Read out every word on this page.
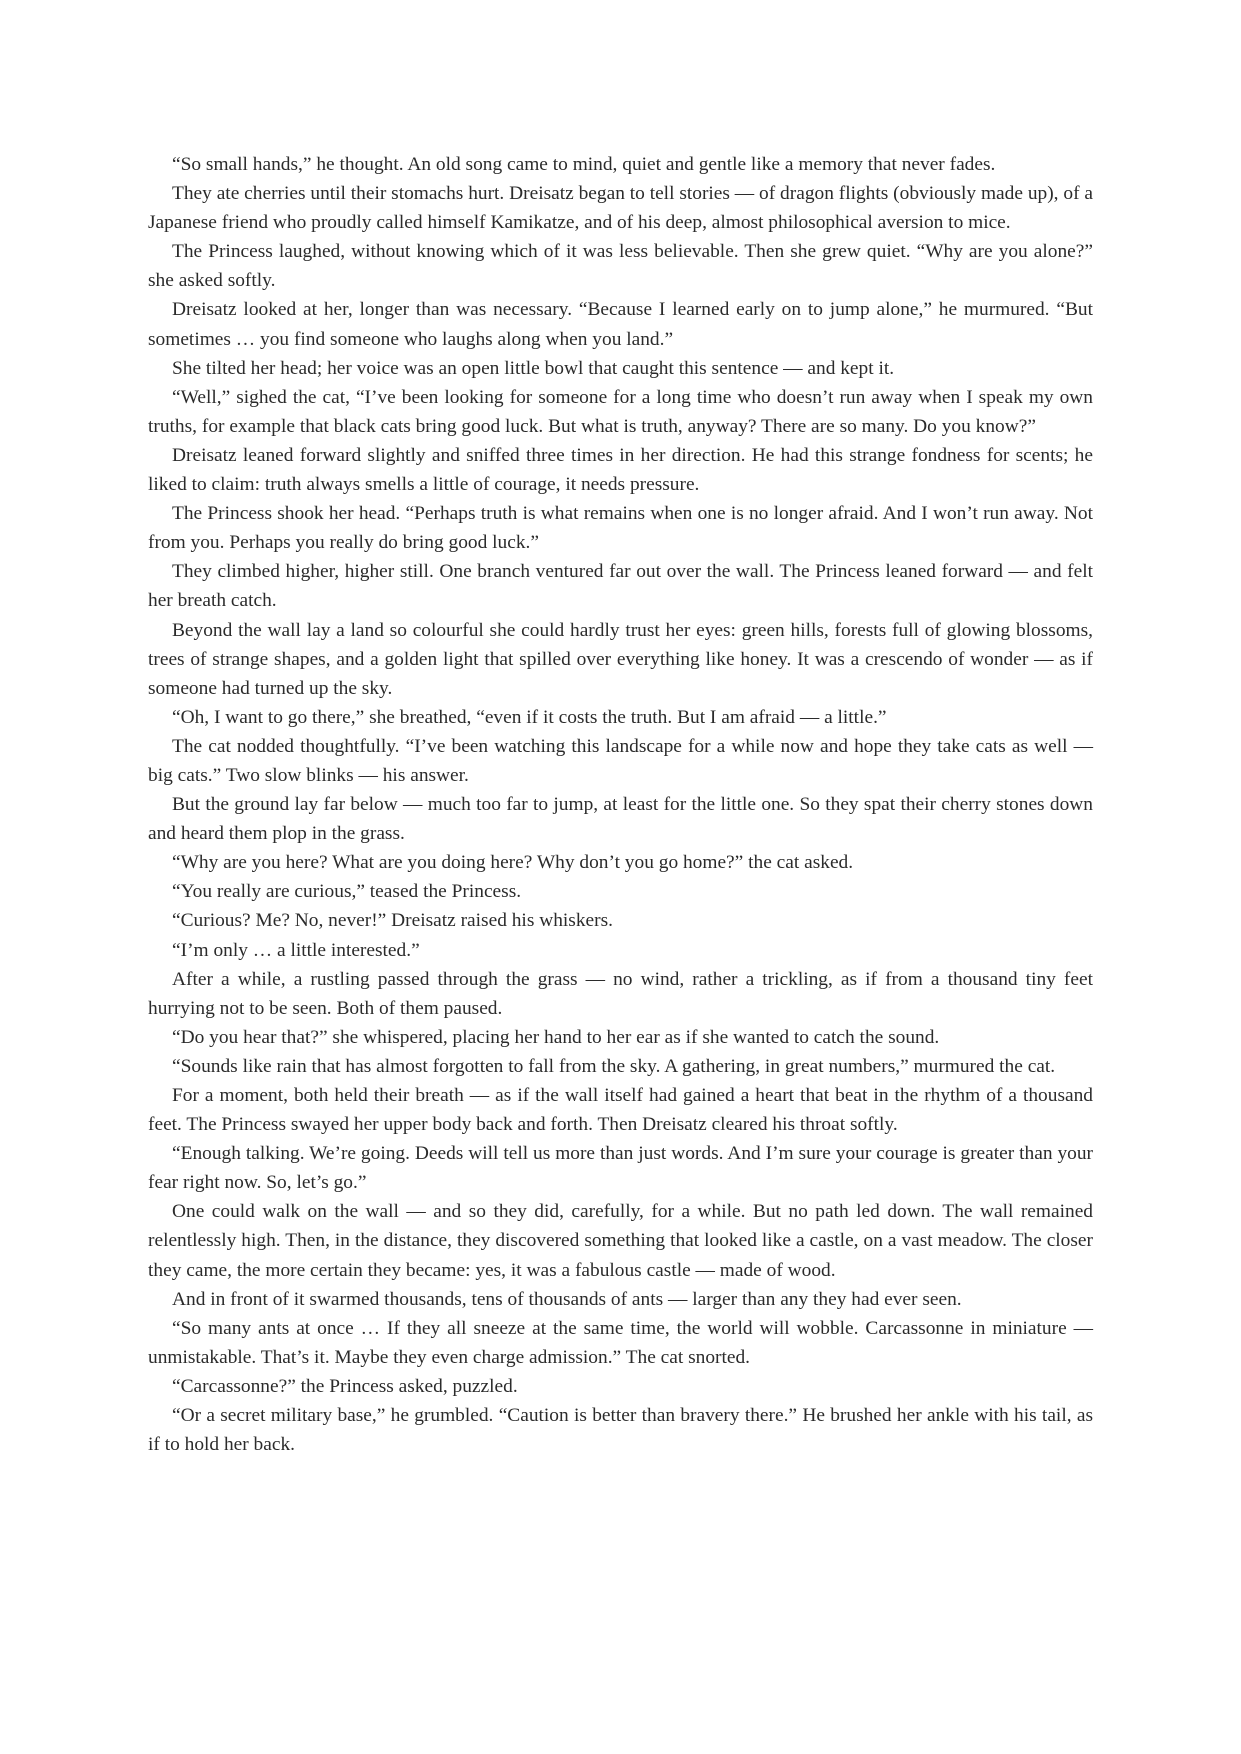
“So small hands,” he thought. An old song came to mind, quiet and gentle like a memory that never fades.

They ate cherries until their stomachs hurt. Dreisatz began to tell stories — of dragon flights (obviously made up), of a Japanese friend who proudly called himself Kamikatze, and of his deep, almost philosophical aversion to mice.

The Princess laughed, without knowing which of it was less believable. Then she grew quiet. “Why are you alone?” she asked softly.

Dreisatz looked at her, longer than was necessary. “Because I learned early on to jump alone,” he murmured. “But sometimes … you find someone who laughs along when you land.”

She tilted her head; her voice was an open little bowl that caught this sentence — and kept it.

“Well,” sighed the cat, “I’ve been looking for someone for a long time who doesn’t run away when I speak my own truths, for example that black cats bring good luck. But what is truth, anyway? There are so many. Do you know?”

Dreisatz leaned forward slightly and sniffed three times in her direction. He had this strange fondness for scents; he liked to claim: truth always smells a little of courage, it needs pressure.

The Princess shook her head. “Perhaps truth is what remains when one is no longer afraid. And I won’t run away. Not from you. Perhaps you really do bring good luck.”

They climbed higher, higher still. One branch ventured far out over the wall. The Princess leaned forward — and felt her breath catch.

Beyond the wall lay a land so colourful she could hardly trust her eyes: green hills, forests full of glowing blossoms, trees of strange shapes, and a golden light that spilled over everything like honey. It was a crescendo of wonder — as if someone had turned up the sky.

“Oh, I want to go there,” she breathed, “even if it costs the truth. But I am afraid — a little.”

The cat nodded thoughtfully. “I’ve been watching this landscape for a while now and hope they take cats as well — big cats.” Two slow blinks — his answer.

But the ground lay far below — much too far to jump, at least for the little one. So they spat their cherry stones down and heard them plop in the grass.

“Why are you here? What are you doing here? Why don’t you go home?” the cat asked.

“You really are curious,” teased the Princess.

“Curious? Me? No, never!” Dreisatz raised his whiskers.

“I’m only … a little interested.”

After a while, a rustling passed through the grass — no wind, rather a trickling, as if from a thousand tiny feet hurrying not to be seen. Both of them paused.

“Do you hear that?” she whispered, placing her hand to her ear as if she wanted to catch the sound.

“Sounds like rain that has almost forgotten to fall from the sky. A gathering, in great numbers,” murmured the cat.

For a moment, both held their breath — as if the wall itself had gained a heart that beat in the rhythm of a thousand feet. The Princess swayed her upper body back and forth. Then Dreisatz cleared his throat softly.

“Enough talking. We’re going. Deeds will tell us more than just words. And I’m sure your courage is greater than your fear right now. So, let’s go.”

One could walk on the wall — and so they did, carefully, for a while. But no path led down. The wall remained relentlessly high. Then, in the distance, they discovered something that looked like a castle, on a vast meadow. The closer they came, the more certain they became: yes, it was a fabulous castle — made of wood.

And in front of it swarmed thousands, tens of thousands of ants — larger than any they had ever seen.

“So many ants at once … If they all sneeze at the same time, the world will wobble. Carcassonne in miniature — unmistakable. That’s it. Maybe they even charge admission.” The cat snorted.

“Carcassonne?” the Princess asked, puzzled.

“Or a secret military base,” he grumbled. “Caution is better than bravery there.” He brushed her ankle with his tail, as if to hold her back.
